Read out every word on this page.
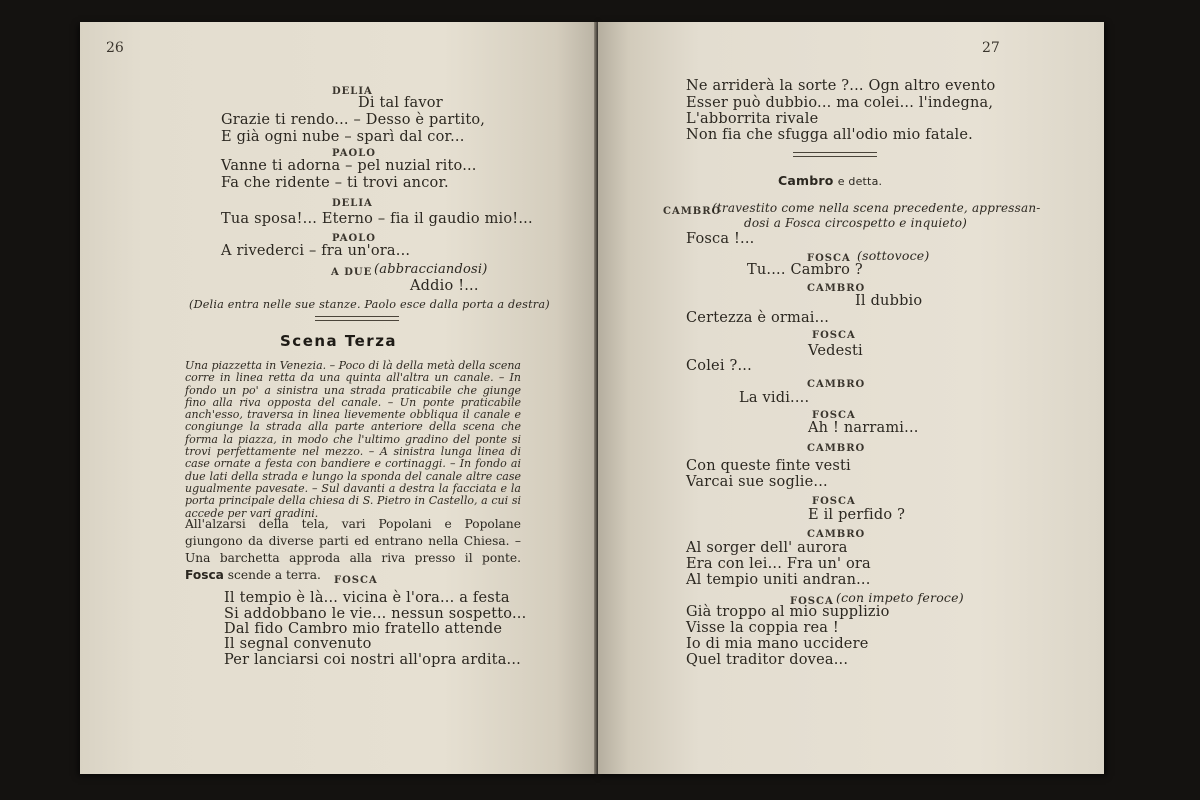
26	27
DELIA
Di tal favor
Grazie ti rendo... – Desso è partito,
E già ogni nube – sparì dal cor...
PAOLO
Vanne ti adorna – pel nuzial rito...
Fa che ridente – ti trovi ancor.
DELIA
Tua sposa!... Eterno – fia il gaudio mio!...
PAOLO
A rivederci – fra un'ora...
A DUE (abbracciandosi)
Addio !...
(Delia entra nelle sue stanze. Paolo esce dalla porta a destra)
Scena Terza
Una piazzetta in Venezia. – Poco di là della metà della scena corre in linea retta da una quinta all'altra un canale. – In fondo un po' a sinistra una strada praticabile che giunge fino alla riva opposta del canale. – Un ponte praticabile anch'esso, traversa in linea lievemente obbliqua il canale e congiunge la strada alla parte anteriore della scena che forma la piazza, in modo che l'ultimo gradino del ponte si trovi perfettamente nel mezzo. – A sinistra lunga linea di case ornate a festa con bandiere e cortinaggi. – In fondo ai due lati della strada e lungo la sponda del canale altre case ugualmente pavesate. – Sul davanti a destra la facciata e la porta principale della chiesa di S. Pietro in Castello, a cui si accede per vari gradini.
All'alzarsi della tela, vari Popolani e Popolane giungono da diverse parti ed entrano nella Chiesa. – Una barchetta approda alla riva presso il ponte. Fosca scende a terra.	FOSCA
Il tempio è là... vicina è l'ora... a festa
Si addobbano le vie... nessun sospetto...
Dal fido Cambro mio fratello attende
Il segnal convenuto
Per lanciarsi coi nostri all'opra ardita...
Ne arriderà la sorte ?... Ogn altro evento
Esser può dubbio... ma colei... l'indegna,
L'abborrita rivale
Non fia che sfugga all'odio mio fatale.
Cambro e detta.
CAMBRO
(travestito come nella scena precedente, appressan-
dosi a Fosca circospetto e inquieto)
Fosca !...
FOSCA (sottovoce)
Tu.... Cambro ?
CAMBRO
Il dubbio
Certezza è ormai...
FOSCA
Vedesti
Colei ?...
CAMBRO
La vidi....
FOSCA
Ah ! narrami...
CAMBRO
Con queste finte vesti
Varcai sue soglie...
FOSCA
E il perfido ?
CAMBRO
Al sorger dell' aurora
Era con lei... Fra un' ora
Al tempio uniti andran...
FOSCA (con impeto feroce)
Già troppo al mio supplizio
Visse la coppia rea !
Io di mia mano uccidere
Quel traditor dovea...
